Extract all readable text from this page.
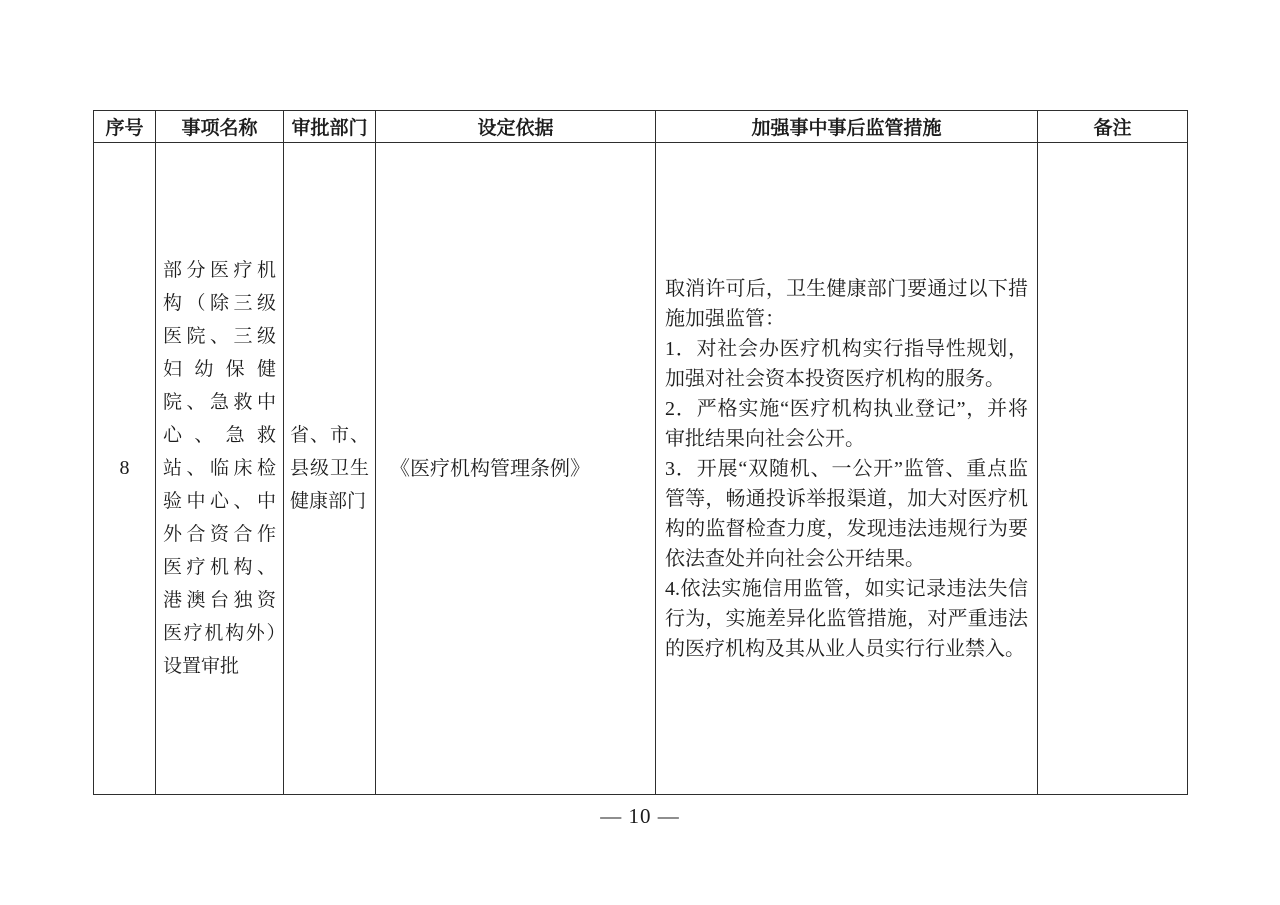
序号	事项名称	审批部门	设定依据	加强事中事后监管措施	备注
8	部分医疗机构（除三级医院、三级妇幼保健院、急救中心、急救站、临床检验中心、中外合资合作医疗机构、港澳台独资医疗机构外）设置审批	省、市、县级卫生健康部门	《医疗机构管理条例》	取消许可后，卫生健康部门要通过以下措施加强监管：

1．对社会办医疗机构实行指导性规划，加强对社会资本投资医疗机构的服务。

2．严格实施“医疗机构执业登记”，并将审批结果向社会公开。

3．开展“双随机、一公开”监管、重点监管等，畅通投诉举报渠道，加大对医疗机构的监督检查力度，发现违法违规行为要依法查处并向社会公开结果。

4.依法实施信用监管，如实记录违法失信行为，实施差异化监管措施，对严重违法的医疗机构及其从业人员实行行业禁入。	

— 10 —
